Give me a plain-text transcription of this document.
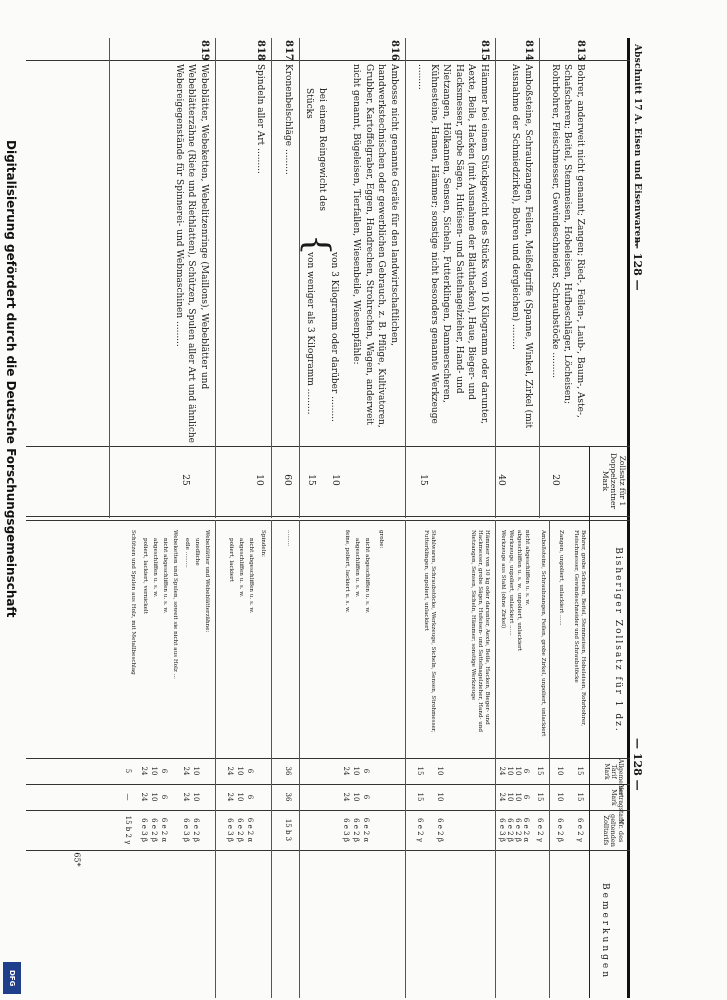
Abschnitt 17 A. Eisen und Eisenwaren.
— 128 —
— 128 —
Zollsatz für 1 Doppelzentner Mark
Bisheriger Zollsatz für 1 dz.
Allgemeiner Tarif Mark
Vertragstarif Mark
Nr. des geltenden Zolltarifs
Bemerkungen
813
Bohrer, anderweit nicht genannt; Zangen; Ried-, Feilen-, Laub-, Baum-, Aste-, Schafscheren; Beitel, Stemmeisen, Hobeleisen, Hufbeschläger, Löcheisen; Rohrbohrer, Fleischmesser, Gewindeschneider, Schraubstöcke .........
20
Bohrer, grobe Scheren, Beitel, Stemmeisen, Hobeleisen, Rohrbohrer, Fleischmesser, Gewindeschneider und Schraubstöcke
15
15
6 e 2 γ
Zangen, unpoliert, unlackiert ......
10
10
6 e 2 β
814
Amboßsteine, Schraubzangen, Feilen, Meißelgriffe (Spanne, Winkel, Zirkel (mit Ausnahme der Schmiedzirkel), Bohren und dergleichen) .........
40
Amboßsteine, Schraubzangen, Feilen, grobe Zirkel, unpoliert, unlackiert
15
15
6 e 2 γ
nicht abgeschliffen u. s. w.
6
6
6 e 2 α
abgeschliffen u. s. w., unpoliert, unlackiert
10
10
6 e 2 β
Werkzeuge, unpoliert, unlackiert ......
10
10
6 e 2 β
Werkzeuge aus Stahl (ohne Zirkel)
24
24
6 e 3 β
815
Hämmer bei einem Stückgewicht des Stücks von 10 Kilogramm oder darunter, Aexte, Beile, Hacken (mit Ausnahme der Blatthacken), Haue, Bieger- und Hacksmesser, grobe Sägen, Hufeisen- und Sattelnagelzieher, Hand- und Nietzangen, Hölkannen, Sensen, Sicheln, Futterklingen, Dammerscheren, Kühnesteine, Hamen, Hämmer; sonstige nicht besonders genannte Werkzeuge .........
15
Hämmer von 10 kg oder darunter, Aexte, Beile, Hacken, Bieger- und Hackmesser, grobe Sägen, Hufeisen- und Sattelnagelzieher, Hand- und Nietzangen, Sensen, Sicheln, Hämmer; sonstige Werkzeuge
10
10
6 e 2 β
Stahlwaren, Schraubstöcke, Werkzeuge, Sicheln, Sensen, Strohmesser, Futterklingen, unpoliert, unlackiert
15
15
6 e 2 γ
816
Ambosse nicht genannte Geräte für den landwirtschaftlichen, handwerkstechnischen oder gewerblichen Gebrauch, z. B. Pflüge, Kultivatoren, Grubber, Kartoffelgraber, Eggen, Handrechen, Strohrechen, Wagen, anderweit nicht genannt, Bügeleisen, Tierfallen, Wiesenbeile, Wiesenpfähle:
bei einem Reingewicht des Stücks
{
von 3 Kilogramm oder darüber .........
10
von weniger als 3 Kilogramm .........
15
grobe:
nicht abgeschliffen u. s. w.
6
6
6 e 2 α
abgeschliffen u. s. w.
10
10
6 e 2 β
feine, poliert, lackiert u. s. w.
24
24
6 e 3 β
817
Kronenbelschläge .........
60
.........
36
36
15 b 3
818
Spindeln aller Art .........
10
Spindeln:
nicht abgeschliffen u. s. w.
6
6
6 e 2 α
abgeschliffen u. s. w.
10
10
6 e 2 β
poliert, lackiert
24
24
6 e 3 β
819
Webeblätter, Webeketten, Webelitzenringe (Maillons), Webeblätter und Webeblätterzähne (Riete und Riethlatten), Schützen, Spulen aller Art und ähnliche Webereigegenstände für Spinnerei- und Webmaschinen .........
25
Webeblätter und Webeblätterzähne:
unedliche
10
10
6 e 2 β
edle .........
24
24
6 e 3 β
Webeketten und Spulen, soweit sie nicht aus Holz ...
nicht abgeschliffen u. s. w.
6
6
6 e 2 α
abgeschliffen u. s. w.
10
10
6 e 2 β
poliert, lackiert, vernickelt
24
24
6 e 3 β
Schützen und Spulen aus Holz, mit Metallbeschlag
5
—
15 b 2 γ
65*
Digitalisierung gefördert durch die Deutsche Forschungsgemeinschaft
DFG
